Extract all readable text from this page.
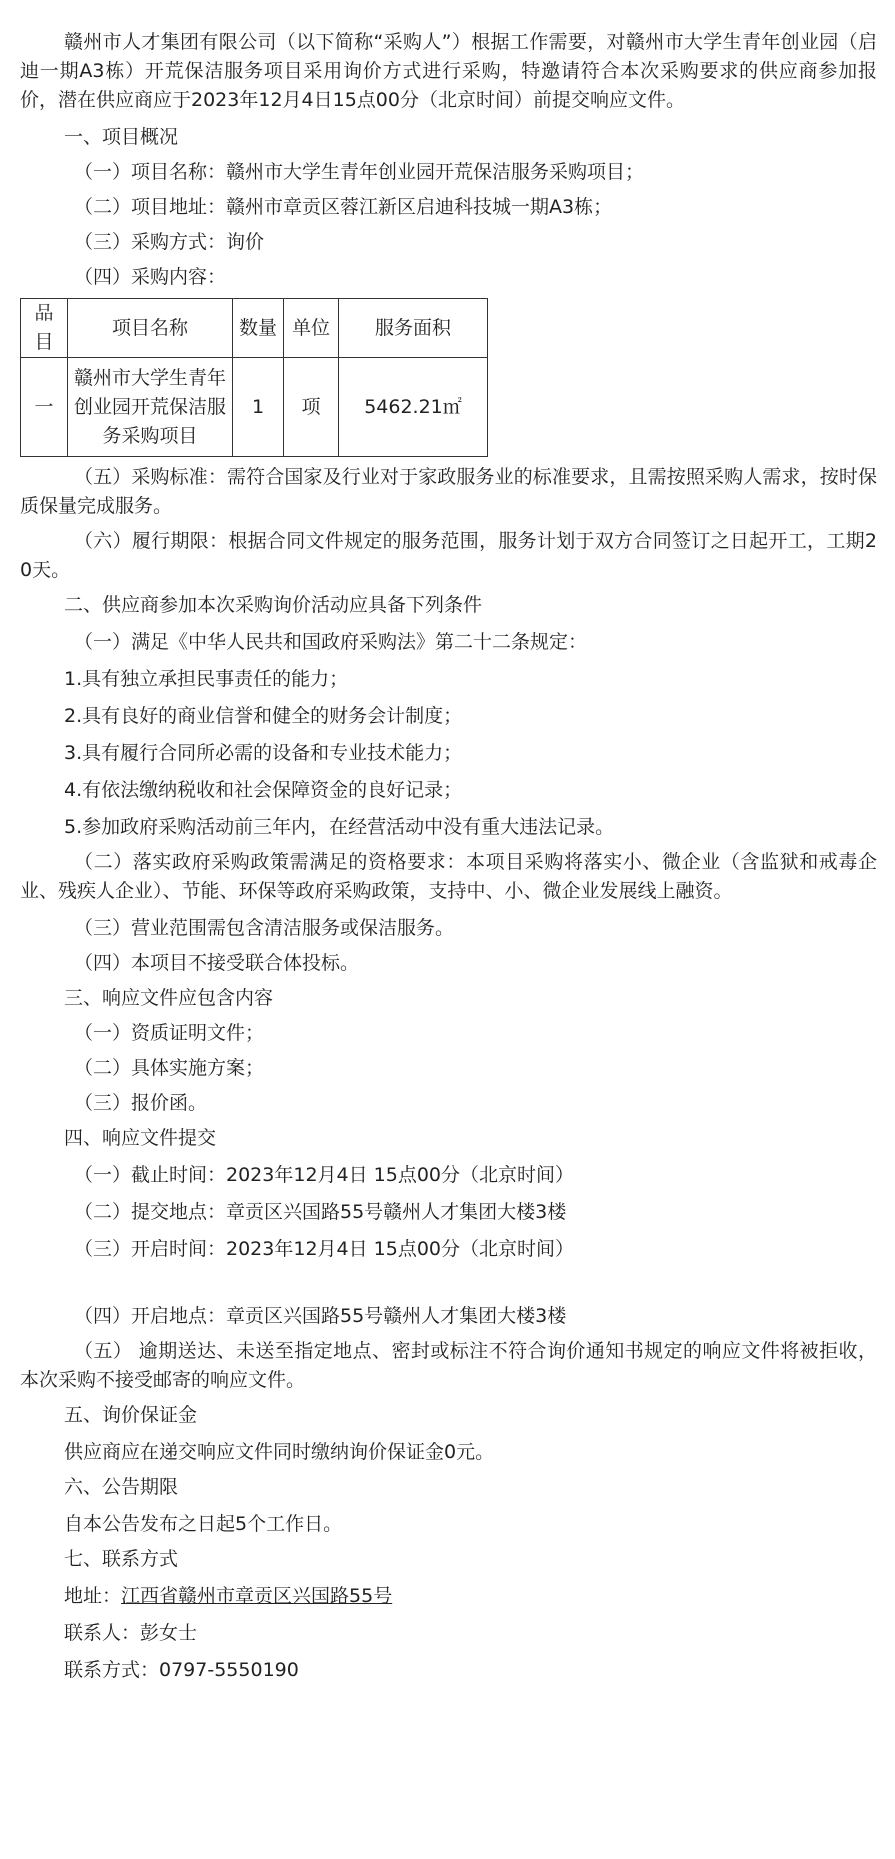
赣州市人才集团有限公司（以下简称“采购人”）根据工作需要，对赣州市大学生青年创业园（启迪一期A3栋）开荒保洁服务项目采用询价方式进行采购，特邀请符合本次采购要求的供应商参加报价，潜在供应商应于2023年12月4日15点00分（北京时间）前提交响应文件。

一、项目概况

（一）项目名称：赣州市大学生青年创业园开荒保洁服务采购项目；

（二）项目地址：赣州市章贡区蓉江新区启迪科技城一期A3栋；

（三）采购方式：询价

（四）采购内容：

品目	项目名称	数量	单位	服务面积
一	赣州市大学生青年创业园开荒保洁服务采购项目	1	项	5462.21㎡

（五）采购标准：需符合国家及行业对于家政服务业的标准要求，且需按照采购人需求，按时保质保量完成服务。

（六）履行期限：根据合同文件规定的服务范围，服务计划于双方合同签订之日起开工，工期20天。

二、供应商参加本次采购询价活动应具备下列条件

（一）满足《中华人民共和国政府采购法》第二十二条规定：

1.具有独立承担民事责任的能力；

2.具有良好的商业信誉和健全的财务会计制度；

3.具有履行合同所必需的设备和专业技术能力；

4.有依法缴纳税收和社会保障资金的良好记录；

5.参加政府采购活动前三年内，在经营活动中没有重大违法记录。

（二）落实政府采购政策需满足的资格要求：本项目采购将落实小、微企业（含监狱和戒毒企业、残疾人企业）、节能、环保等政府采购政策，支持中、小、微企业发展线上融资。

（三）营业范围需包含清洁服务或保洁服务。

（四）本项目不接受联合体投标。

三、响应文件应包含内容

（一）资质证明文件；

（二）具体实施方案；

（三）报价函。

四、响应文件提交

（一）截止时间：2023年12月4日 15点00分（北京时间）

（二）提交地点：章贡区兴国路55号赣州人才集团大楼3楼

（三）开启时间：2023年12月4日 15点00分（北京时间）

（四）开启地点：章贡区兴国路55号赣州人才集团大楼3楼

（五） 逾期送达、未送至指定地点、密封或标注不符合询价通知书规定的响应文件将被拒收，本次采购不接受邮寄的响应文件。

五、询价保证金

供应商应在递交响应文件同时缴纳询价保证金0元。

六、公告期限

自本公告发布之日起5个工作日。

七、联系方式

地址：江西省赣州市章贡区兴国路55号

联系人：彭女士

联系方式：0797-5550190
